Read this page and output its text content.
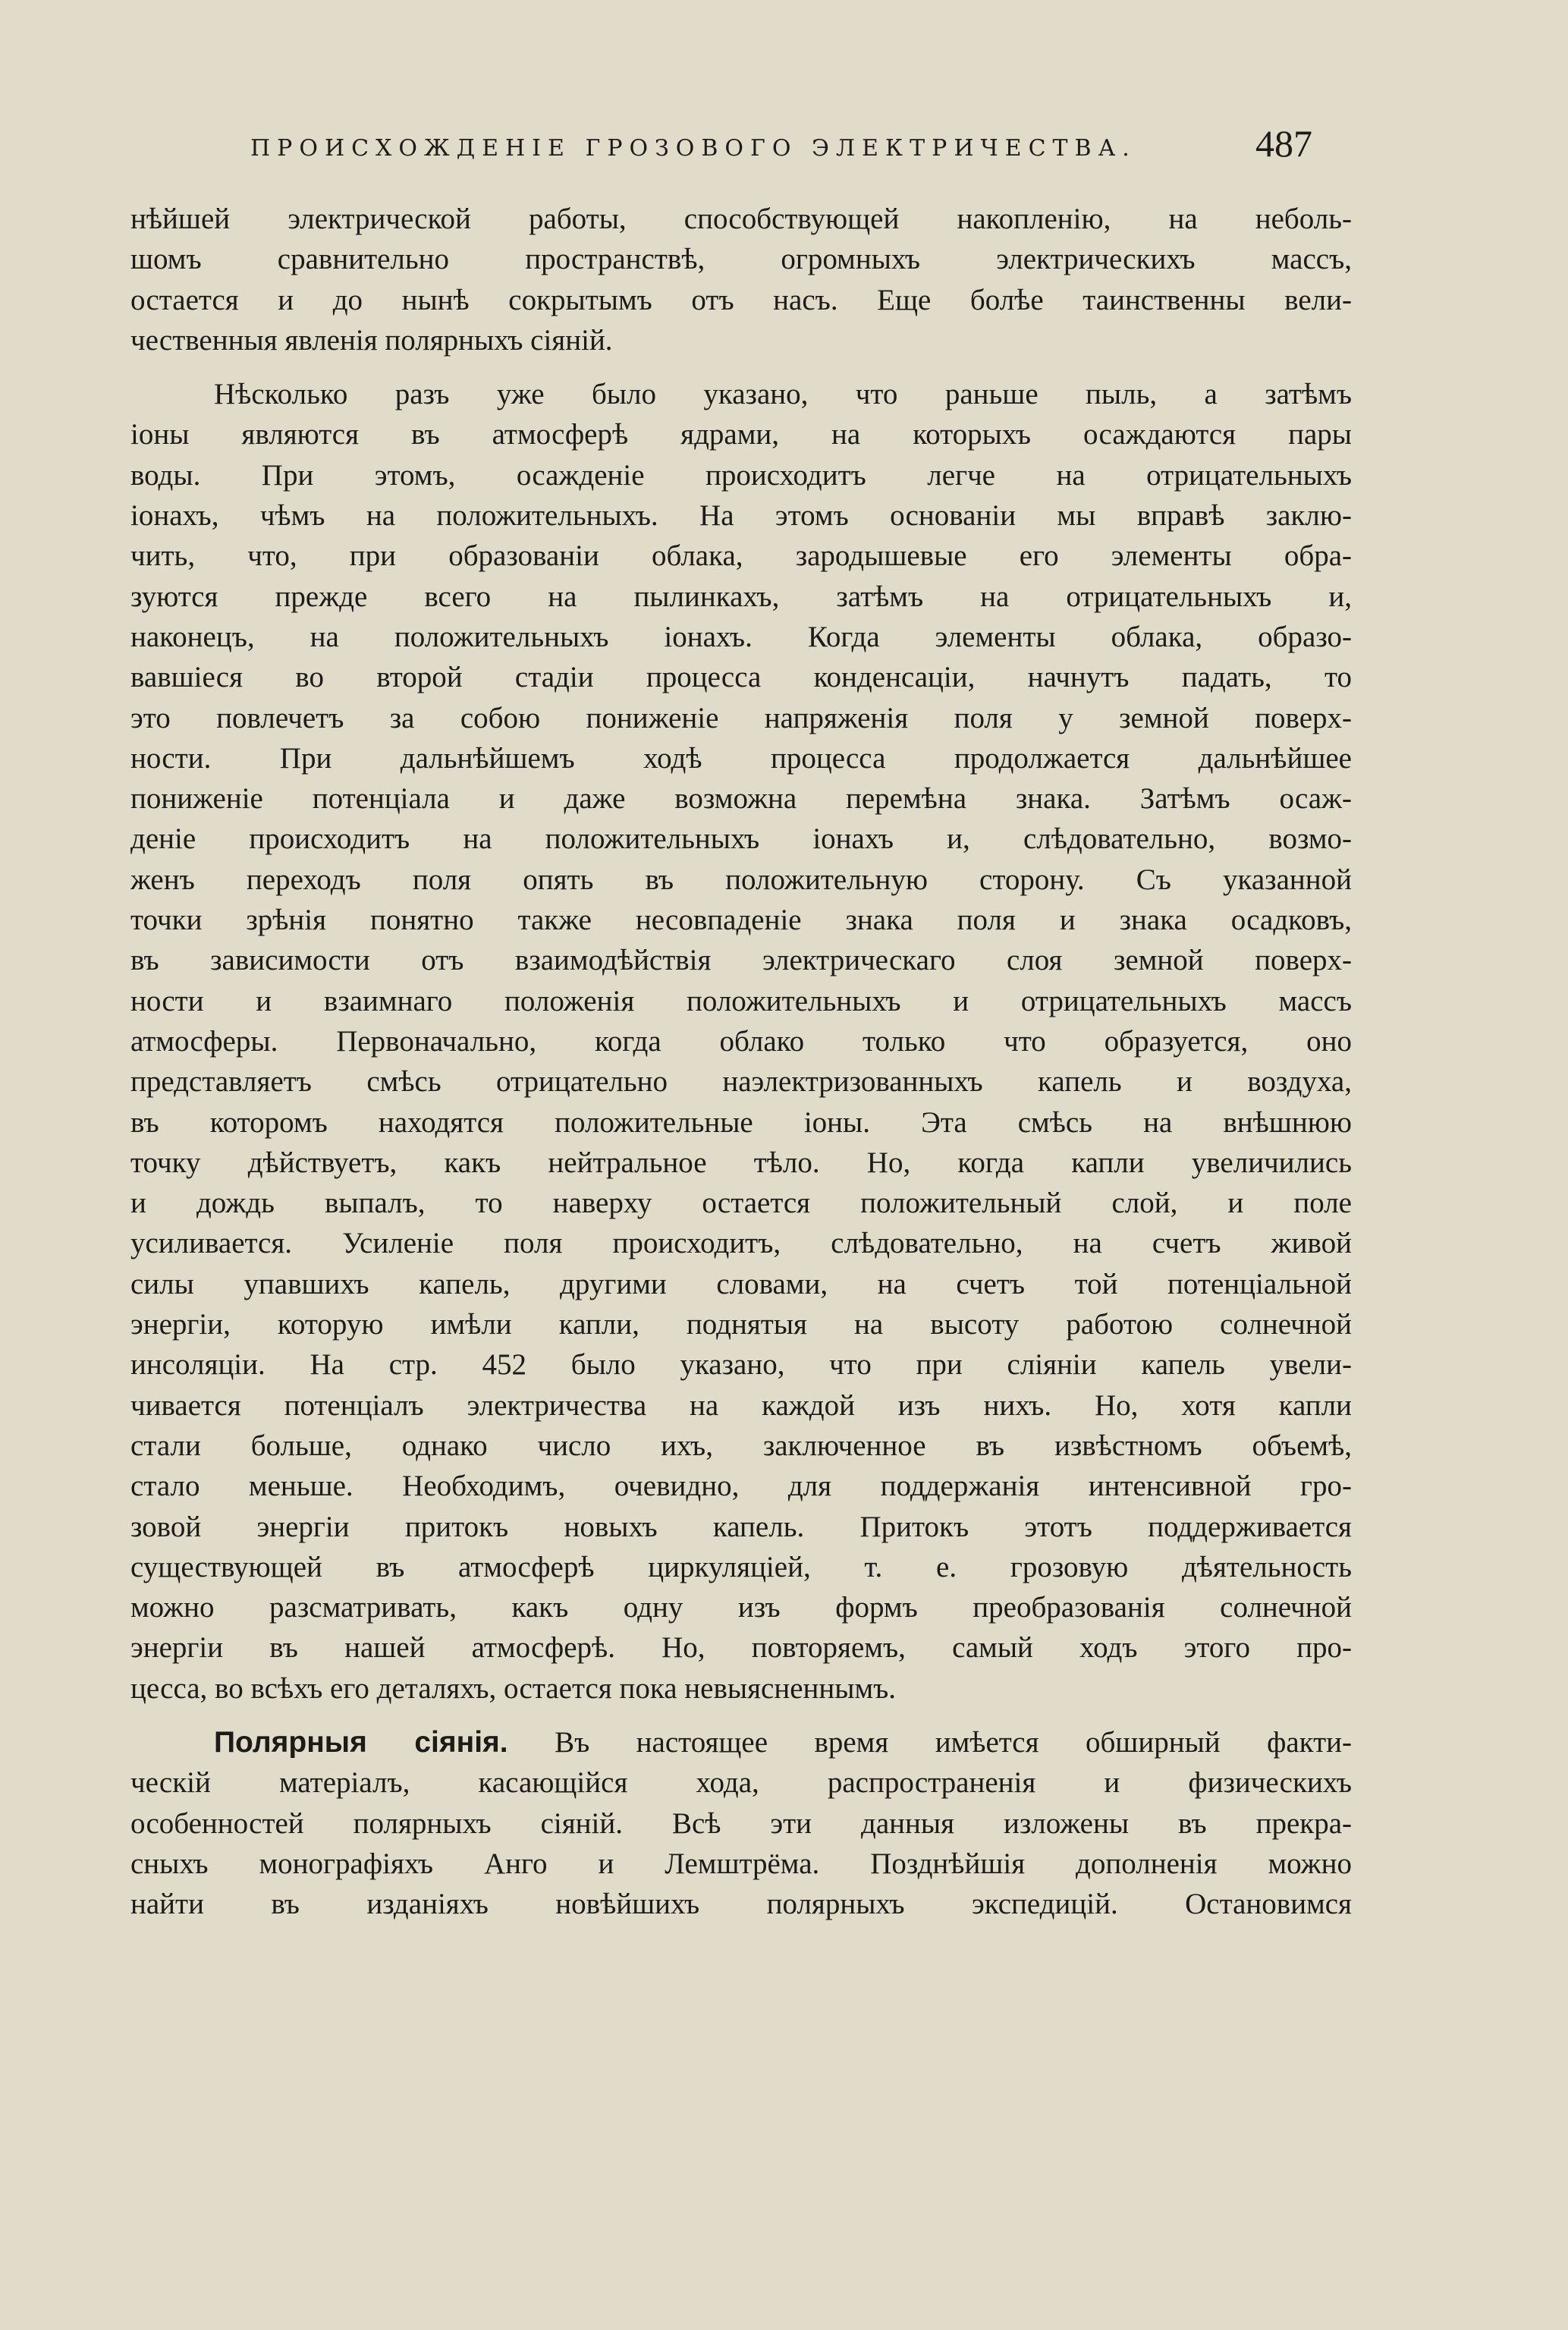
ПРОИСХОЖДЕНІЕ ГРОЗОВОГО ЭЛЕКТРИЧЕСТВА.	487
нѣйшей электрической работы, способствующей накопленію, на неболь-
шомъ сравнительно пространствѣ, огромныхъ электрическихъ массъ,
остается и до нынѣ сокрытымъ отъ насъ. Еще болѣе таинственны вели-
чественныя явленія полярныхъ сіяній.
Нѣсколько разъ уже было указано, что раньше пыль, а затѣмъ
іоны являются въ атмосферѣ ядрами, на которыхъ осаждаются пары
воды. При этомъ, осажденіе происходитъ легче на отрицательныхъ
іонахъ, чѣмъ на положительныхъ. На этомъ основаніи мы вправѣ заклю-
чить, что, при образованіи облака, зародышевые его элементы обра-
зуются прежде всего на пылинкахъ, затѣмъ на отрицательныхъ и,
наконецъ, на положительныхъ іонахъ. Когда элементы облака, образо-
вавшіеся во второй стадіи процесса конденсаціи, начнутъ падать, то
это повлечетъ за собою пониженіе напряженія поля у земной поверх-
ности. При дальнѣйшемъ ходѣ процесса продолжается дальнѣйшее
пониженіе потенціала и даже возможна перемѣна знака. Затѣмъ осаж-
деніе происходитъ на положительныхъ іонахъ и, слѣдовательно, возмо-
женъ переходъ поля опять въ положительную сторону. Съ указанной
точки зрѣнія понятно также несовпаденіе знака поля и знака осадковъ,
въ зависимости отъ взаимодѣйствія электрическаго слоя земной поверх-
ности и взаимнаго положенія положительныхъ и отрицательныхъ массъ
атмосферы. Первоначально, когда облако только что образуется, оно
представляетъ смѣсь отрицательно наэлектризованныхъ капель и воздуха,
въ которомъ находятся положительные іоны. Эта смѣсь на внѣшнюю
точку дѣйствуетъ, какъ нейтральное тѣло. Но, когда капли увеличились
и дождь выпалъ, то наверху остается положительный слой, и поле
усиливается. Усиленіе поля происходитъ, слѣдовательно, на счетъ живой
силы упавшихъ капель, другими словами, на счетъ той потенціальной
энергіи, которую имѣли капли, поднятыя на высоту работою солнечной
инсоляціи. На стр. 452 было указано, что при сліяніи капель увели-
чивается потенціалъ электричества на каждой изъ нихъ. Но, хотя капли
стали больше, однако число ихъ, заключенное въ извѣстномъ объемѣ,
стало меньше. Необходимъ, очевидно, для поддержанія интенсивной гро-
зовой энергіи притокъ новыхъ капель. Притокъ этотъ поддерживается
существующей въ атмосферѣ циркуляціей, т. е. грозовую дѣятельность
можно разсматривать, какъ одну изъ формъ преобразованія солнечной
энергіи въ нашей атмосферѣ. Но, повторяемъ, самый ходъ этого про-
цесса, во всѣхъ его деталяхъ, остается пока невыясненнымъ.
Полярныя сіянія. Въ настоящее время имѣется обширный факти-
ческій матеріалъ, касающійся хода, распространенія и физическихъ
особенностей полярныхъ сіяній. Всѣ эти данныя изложены въ прекра-
сныхъ монографіяхъ Анго и Лемштрёма. Позднѣйшія дополненія можно
найти въ изданіяхъ новѣйшихъ полярныхъ экспедицій. Остановимся
